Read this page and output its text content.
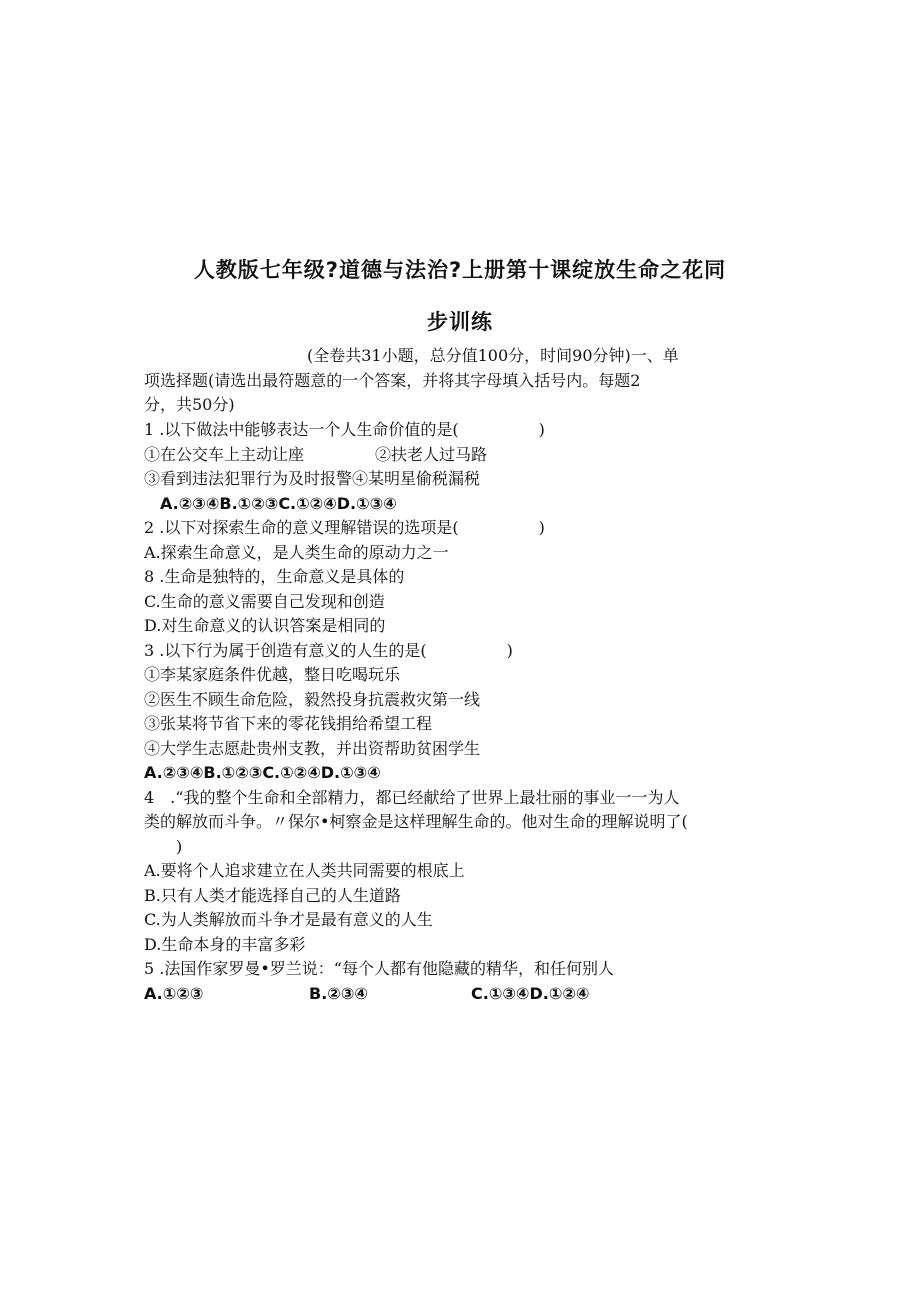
人教版七年级?道德与法治?上册第十课绽放生命之花同
步训练
(全卷共31小题，总分值100分，时间90分钟)一、单
项选择题(请选出最符题意的一个答案，并将其字母填入括号内。每题2
分，共50分)
1 .以下做法中能够表达一个人生命价值的是(　　　　　)
①在公交车上主动让座	②扶老人过马路
③看到违法犯罪行为及时报警④某明星偷税漏税
A.②③④B.①②③C.①②④D.①③④
2 .以下对探索生命的意义理解错误的选项是(　　　　　)
A.探索生命意义，是人类生命的原动力之一
8 .生命是独特的，生命意义是具体的
C.生命的意义需要自己发现和创造
D.对生命意义的认识答案是相同的
3 .以下行为属于创造有意义的人生的是(　　　　　)
①李某家庭条件优越，整日吃喝玩乐
②医生不顾生命危险，毅然投身抗震救灾第一线
③张某将节省下来的零花钱捐给希望工程
④大学生志愿赴贵州支教，并出资帮助贫困学生
A.②③④B.①②③C.①②④D.①③④
4　.“我的整个生命和全部精力，都已经献给了世界上最壮丽的事业一一为人
类的解放而斗争。〃保尔•柯察金是这样理解生命的。他对生命的理解说明了(
)
A.要将个人追求建立在人类共同需要的根底上
B.只有人类才能选择自己的人生道路
C.为人类解放而斗争才是最有意义的人生
D.生命本身的丰富多彩
5 .法国作家罗曼•罗兰说：“每个人都有他隐藏的精华，和任何别人
A.①②③	B.②③④	C.①③④D.①②④
